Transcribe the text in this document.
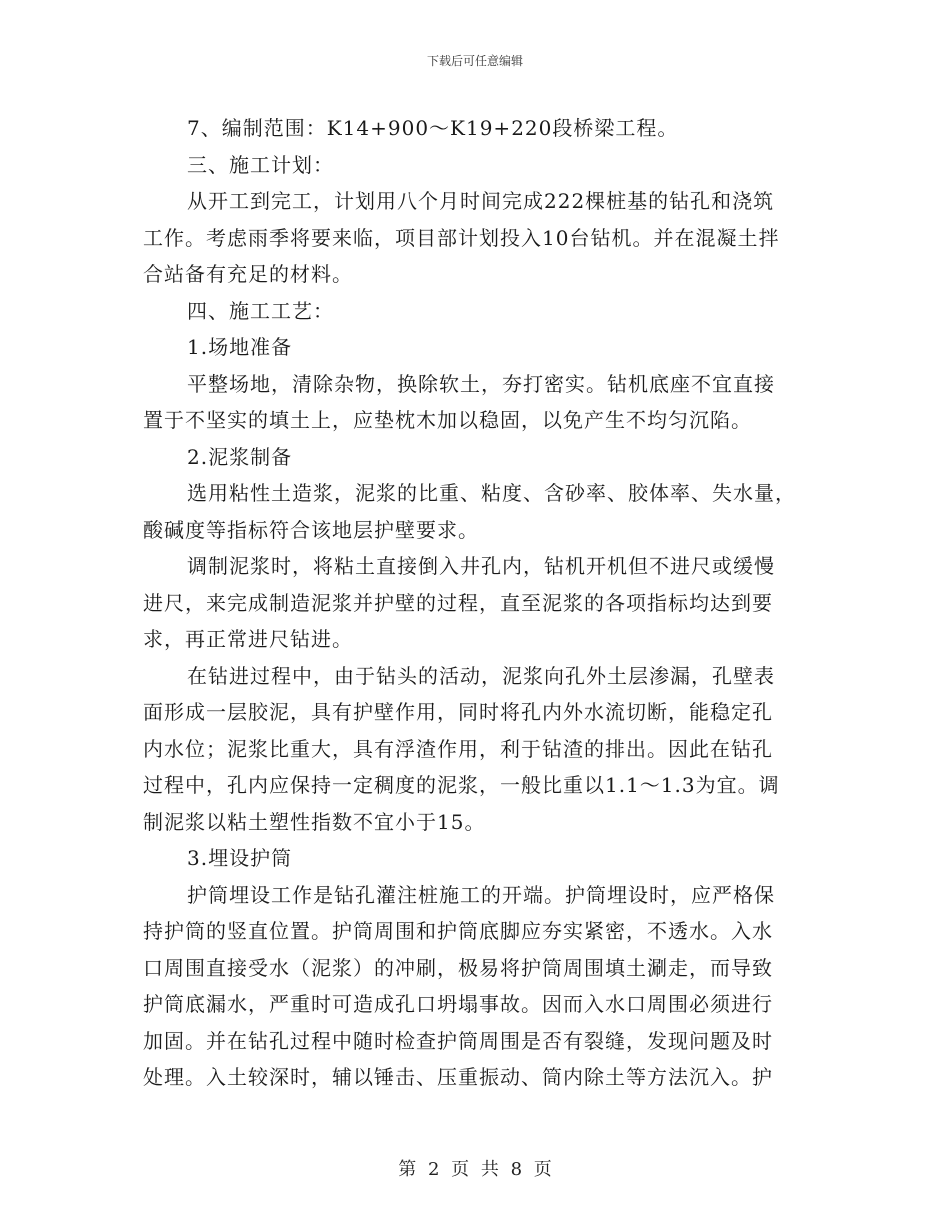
下载后可任意编辑
7、编制范围：K14+900～K19+220段桥梁工程。
三、施工计划：
从开工到完工，计划用八个月时间完成222棵桩基的钻孔和浇筑
工作。考虑雨季将要来临，项目部计划投入10台钻机。并在混凝土拌
合站备有充足的材料。
四、施工工艺：
1.场地准备
平整场地，清除杂物，换除软土，夯打密实。钻机底座不宜直接
置于不坚实的填土上，应垫枕木加以稳固，以免产生不均匀沉陷。
2.泥浆制备
选用粘性土造浆，泥浆的比重、粘度、含砂率、胶体率、失水量，
酸碱度等指标符合该地层护壁要求。
调制泥浆时，将粘土直接倒入井孔内，钻机开机但不进尺或缓慢
进尺，来完成制造泥浆并护壁的过程，直至泥浆的各项指标均达到要
求，再正常进尺钻进。
在钻进过程中，由于钻头的活动，泥浆向孔外土层渗漏，孔壁表
面形成一层胶泥，具有护壁作用，同时将孔内外水流切断，能稳定孔
内水位；泥浆比重大，具有浮渣作用，利于钻渣的排出。因此在钻孔
过程中，孔内应保持一定稠度的泥浆，一般比重以1.1～1.3为宜。调
制泥浆以粘土塑性指数不宜小于15。
3.埋设护筒
护筒埋设工作是钻孔灌注桩施工的开端。护筒埋设时，应严格保
持护筒的竖直位置。护筒周围和护筒底脚应夯实紧密，不透水。入水
口周围直接受水（泥浆）的冲刷，极易将护筒周围填土涮走，而导致
护筒底漏水，严重时可造成孔口坍塌事故。因而入水口周围必须进行
加固。并在钻孔过程中随时检查护筒周围是否有裂缝，发现问题及时
处理。入土较深时，辅以锤击、压重振动、筒内除土等方法沉入。护
第 2 页 共 8 页
